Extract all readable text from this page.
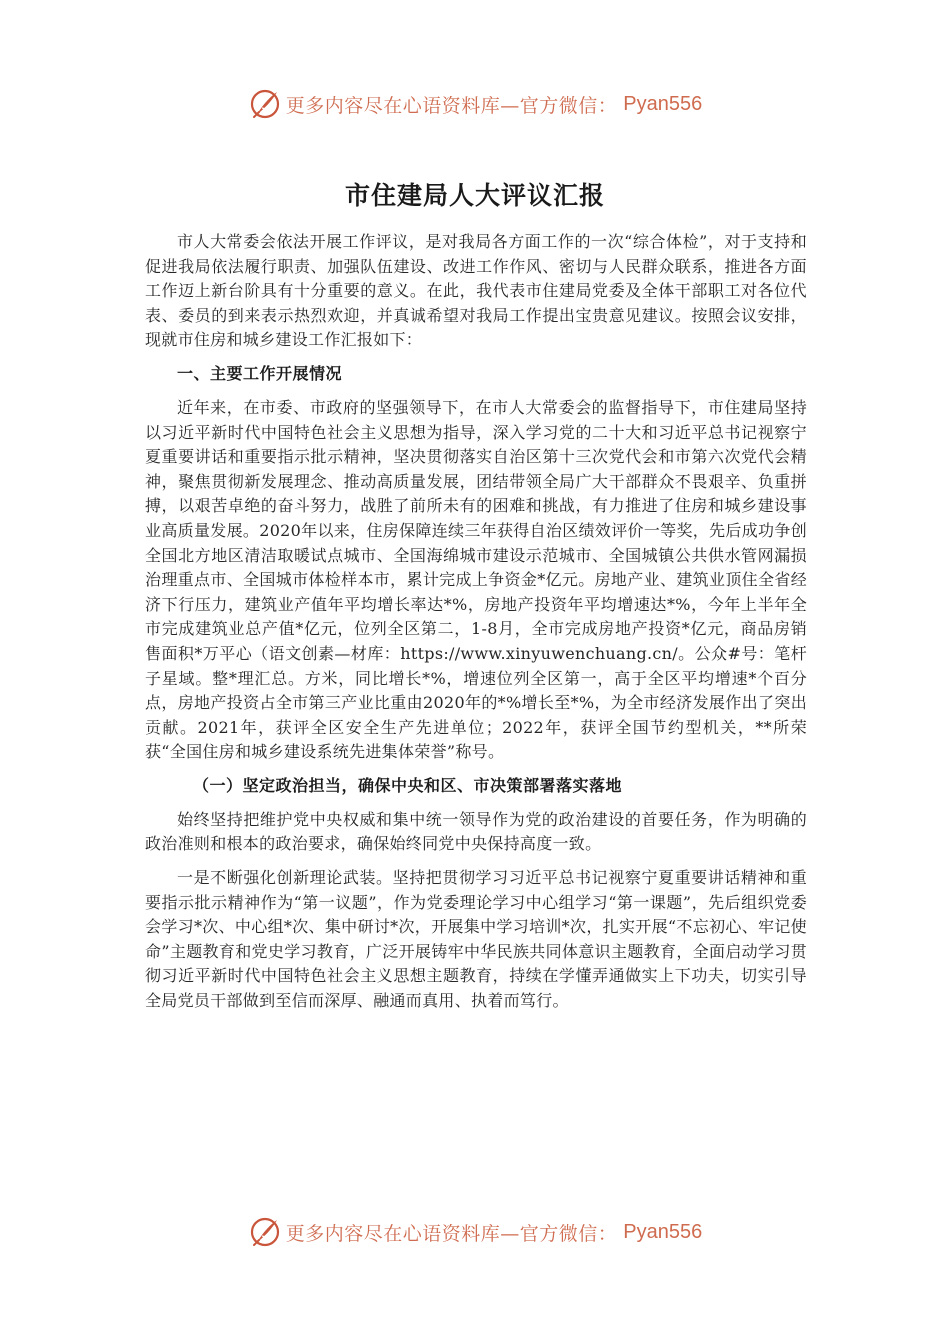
更多内容尽在心语资料库—官方微信： Pyan556
市住建局人大评议汇报

市人大常委会依法开展工作评议，是对我局各方面工作的一次“综合体检”，对于支持和促进我局依法履行职责、加强队伍建设、改进工作作风、密切与人民群众联系，推进各方面工作迈上新台阶具有十分重要的意义。在此，我代表市住建局党委及全体干部职工对各位代表、委员的到来表示热烈欢迎，并真诚希望对我局工作提出宝贵意见建议。按照会议安排，现就市住房和城乡建设工作汇报如下：

一、主要工作开展情况

近年来，在市委、市政府的坚强领导下，在市人大常委会的监督指导下，市住建局坚持以习近平新时代中国特色社会主义思想为指导，深入学习党的二十大和习近平总书记视察宁夏重要讲话和重要指示批示精神，坚决贯彻落实自治区第十三次党代会和市第六次党代会精神，聚焦贯彻新发展理念、推动高质量发展，团结带领全局广大干部群众不畏艰辛、负重拼搏，以艰苦卓绝的奋斗努力，战胜了前所未有的困难和挑战，有力推进了住房和城乡建设事业高质量发展。2020年以来，住房保障连续三年获得自治区绩效评价一等奖，先后成功争创全国北方地区清洁取暖试点城市、全国海绵城市建设示范城市、全国城镇公共供水管网漏损治理重点市、全国城市体检样本市，累计完成上争资金*亿元。房地产业、建筑业顶住全省经济下行压力，建筑业产值年平均增长率达*%，房地产投资年平均增速达*%，今年上半年全市完成建筑业总产值*亿元，位列全区第二，1-8月，全市完成房地产投资*亿元，商品房销售面积*万平心（语文创素—材库：https://www.xinyuwenchuang.cn/。公众#号：笔杆子星域。整*理汇总。方米，同比增长*%，增速位列全区第一，高于全区平均增速*个百分点，房地产投资占全市第三产业比重由2020年的*%增长至*%，为全市经济发展作出了突出贡献。2021年，获评全区安全生产先进单位；2022年，获评全国节约型机关，**所荣获“全国住房和城乡建设系统先进集体荣誉”称号。

（一）坚定政治担当，确保中央和区、市决策部署落实落地

始终坚持把维护党中央权威和集中统一领导作为党的政治建设的首要任务，作为明确的政治准则和根本的政治要求，确保始终同党中央保持高度一致。

一是不断强化创新理论武装。坚持把贯彻学习习近平总书记视察宁夏重要讲话精神和重要指示批示精神作为“第一议题”，作为党委理论学习中心组学习“第一课题”，先后组织党委会学习*次、中心组*次、集中研讨*次，开展集中学习培训*次，扎实开展“不忘初心、牢记使命”主题教育和党史学习教育，广泛开展铸牢中华民族共同体意识主题教育，全面启动学习贯彻习近平新时代中国特色社会主义思想主题教育，持续在学懂弄通做实上下功夫，切实引导全局党员干部做到至信而深厚、融通而真用、执着而笃行。

更多内容尽在心语资料库—官方微信： Pyan556
